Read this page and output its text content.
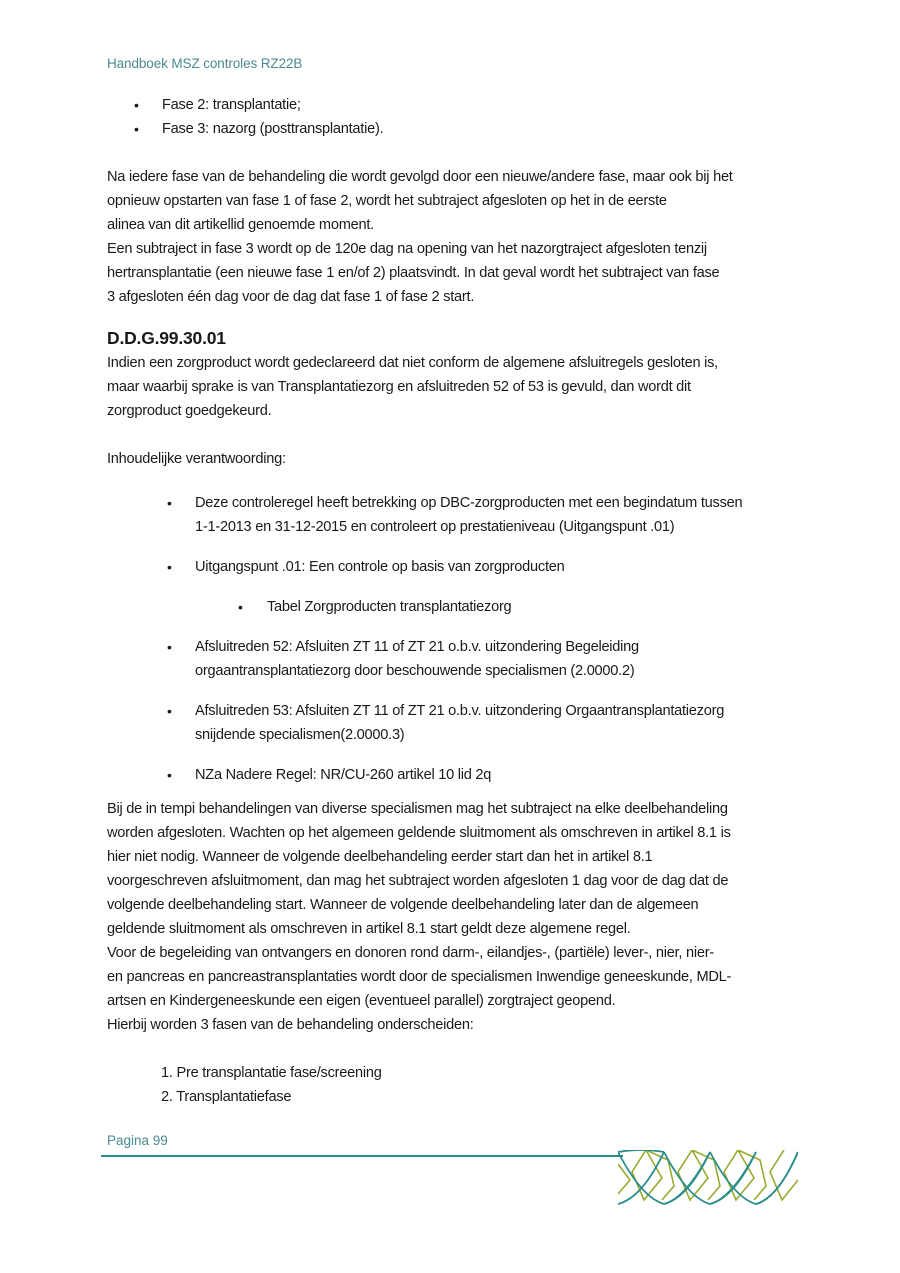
Handboek MSZ controles RZ22B
• Fase 2: transplantatie;
• Fase 3: nazorg (posttransplantatie).

Na iedere fase van de behandeling die wordt gevolgd door een nieuwe/andere fase, maar ook bij het
opnieuw opstarten van fase 1 of fase 2, wordt het subtraject afgesloten op het in de eerste
alinea van dit artikellid genoemde moment.
Een subtraject in fase 3 wordt op de 120e dag na opening van het nazorgtraject afgesloten tenzij
hertransplantatie (een nieuwe fase 1 en/of 2) plaatsvindt. In dat geval wordt het subtraject van fase
3 afgesloten één dag voor de dag dat fase 1 of fase 2 start.

D.D.G.99.30.01

Indien een zorgproduct wordt gedeclareerd dat niet conform de algemene afsluitregels gesloten is,
maar waarbij sprake is van Transplantatiezorg en afsluitreden 52 of 53 is gevuld, dan wordt dit
zorgproduct goedgekeurd.

Inhoudelijke verantwoording:

• Deze controleregel heeft betrekking op DBC-zorgproducten met een begindatum tussen
1-1-2013 en 31-12-2015 en controleert op prestatieniveau (Uitgangspunt .01)
• Uitgangspunt .01: Een controle op basis van zorgproducten
• Tabel Zorgproducten transplantatiezorg
• Afsluitreden 52: Afsluiten ZT 11 of ZT 21 o.b.v. uitzondering Begeleiding
orgaantransplantatiezorg door beschouwende specialismen (2.0000.2)
• Afsluitreden 53: Afsluiten ZT 11 of ZT 21 o.b.v. uitzondering Orgaantransplantatiezorg
snijdende specialismen(2.0000.3)
• NZa Nadere Regel: NR/CU-260 artikel 10 lid 2q

Bij de in tempi behandelingen van diverse specialismen mag het subtraject na elke deelbehandeling
worden afgesloten. Wachten op het algemeen geldende sluitmoment als omschreven in artikel 8.1 is
hier niet nodig. Wanneer de volgende deelbehandeling eerder start dan het in artikel 8.1
voorgeschreven afsluitmoment, dan mag het subtraject worden afgesloten 1 dag voor de dag dat de
volgende deelbehandeling start. Wanneer de volgende deelbehandeling later dan de algemeen
geldende sluitmoment als omschreven in artikel 8.1 start geldt deze algemene regel.
Voor de begeleiding van ontvangers en donoren rond darm-, eilandjes-, (partiële) lever-, nier, nier-
en pancreas en pancreastransplantaties wordt door de specialismen Inwendige geneeskunde, MDL-
artsen en Kindergeneeskunde een eigen (eventueel parallel) zorgtraject geopend.
Hierbij worden 3 fasen van de behandeling onderscheiden:

1. Pre transplantatie fase/screening
2. Transplantatiefase
Pagina 99
